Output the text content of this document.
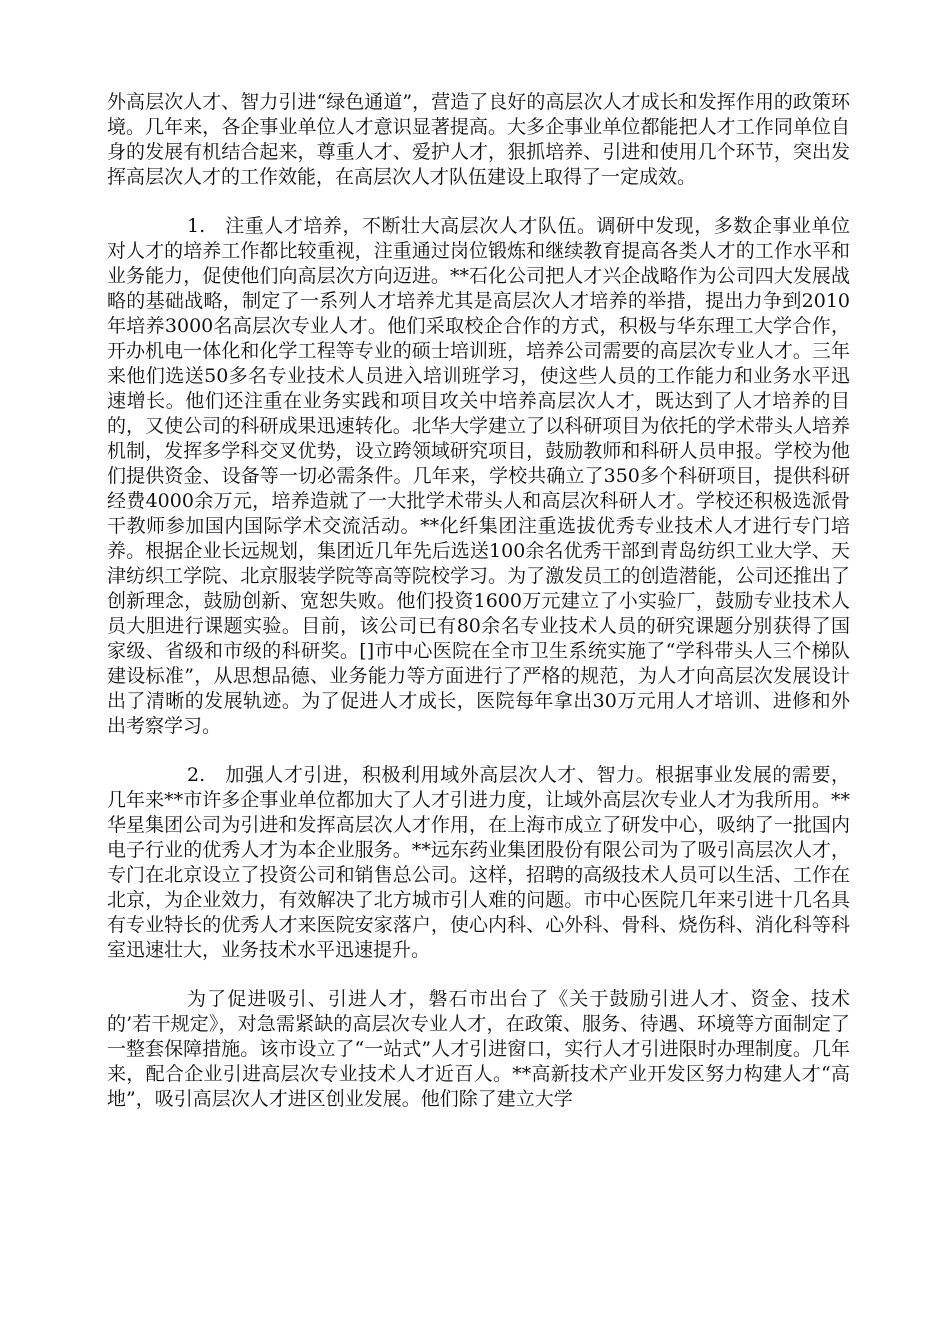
外高层次人才、智力引进“绿色通道”，营造了良好的高层次人才成长和发挥作用的政策环境。几年来，各企事业单位人才意识显著提高。大多企事业单位都能把人才工作同单位自身的发展有机结合起来，尊重人才、爱护人才，狠抓培养、引进和使用几个环节，突出发挥高层次人才的工作效能，在高层次人才队伍建设上取得了一定成效。

1.　注重人才培养，不断壮大高层次人才队伍。调研中发现，多数企事业单位对人才的培养工作都比较重视，注重通过岗位锻炼和继续教育提高各类人才的工作水平和业务能力，促使他们向高层次方向迈进。**石化公司把人才兴企战略作为公司四大发展战略的基础战略，制定了一系列人才培养尤其是高层次人才培养的举措，提出力争到2010年培养3000名高层次专业人才。他们采取校企合作的方式，积极与华东理工大学合作，开办机电一体化和化学工程等专业的硕士培训班，培养公司需要的高层次专业人才。三年来他们选送50多名专业技术人员进入培训班学习，使这些人员的工作能力和业务水平迅速增长。他们还注重在业务实践和项目攻关中培养高层次人才，既达到了人才培养的目的，又使公司的科研成果迅速转化。北华大学建立了以科研项目为依托的学术带头人培养机制，发挥多学科交叉优势，设立跨领域研究项目，鼓励教师和科研人员申报。学校为他们提供资金、设备等一切必需条件。几年来，学校共确立了350多个科研项目，提供科研经费4000余万元，培养造就了一大批学术带头人和高层次科研人才。学校还积极选派骨干教师参加国内国际学术交流活动。**化纤集团注重选拔优秀专业技术人才进行专门培养。根据企业长远规划，集团近几年先后选送100余名优秀干部到青岛纺织工业大学、天津纺织工学院、北京服装学院等高等院校学习。为了激发员工的创造潜能，公司还推出了创新理念，鼓励创新、宽恕失败。他们投资1600万元建立了小实验厂，鼓励专业技术人员大胆进行课题实验。目前，该公司已有80余名专业技术人员的研究课题分别获得了国家级、省级和市级的科研奖。[]市中心医院在全市卫生系统实施了“学科带头人三个梯队建设标准”，从思想品德、业务能力等方面进行了严格的规范，为人才向高层次发展设计出了清晰的发展轨迹。为了促进人才成长，医院每年拿出30万元用人才培训、进修和外出考察学习。

2.　加强人才引进，积极利用域外高层次人才、智力。根据事业发展的需要，几年来**市许多企事业单位都加大了人才引进力度，让域外高层次专业人才为我所用。**华星集团公司为引进和发挥高层次人才作用，在上海市成立了研发中心，吸纳了一批国内电子行业的优秀人才为本企业服务。**远东药业集团股份有限公司为了吸引高层次人才，专门在北京设立了投资公司和销售总公司。这样，招聘的高级技术人员可以生活、工作在北京，为企业效力，有效解决了北方城市引人难的问题。市中心医院几年来引进十几名具有专业特长的优秀人才来医院安家落户，使心内科、心外科、骨科、烧伤科、消化科等科室迅速壮大，业务技术水平迅速提升。

为了促进吸引、引进人才，磐石市出台了《关于鼓励引进人才、资金、技术的’若干规定》，对急需紧缺的高层次专业人才，在政策、服务、待遇、环境等方面制定了一整套保障措施。该市设立了“一站式”人才引进窗口，实行人才引进限时办理制度。几年来，配合企业引进高层次专业技术人才近百人。**高新技术产业开发区努力构建人才“高地”，吸引高层次人才进区创业发展。他们除了建立大学
